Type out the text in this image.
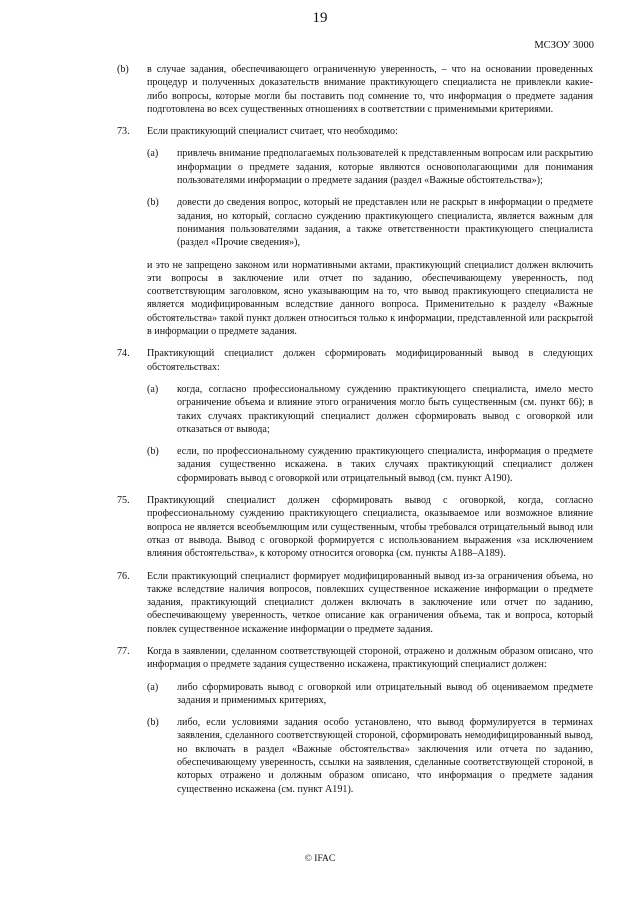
19
МСЗОУ 3000
(b) в случае задания, обеспечивающего ограниченную уверенность, – что на основании проведенных процедур и полученных доказательств внимание практикующего специалиста не привлекли какие-либо вопросы, которые могли бы поставить под сомнение то, что информация о предмете задания подготовлена во всех существенных отношениях в соответствии с применимыми критериями.
73. Если практикующий специалист считает, что необходимо:
(a) привлечь внимание предполагаемых пользователей к представленным вопросам или раскрытию информации о предмете задания, которые являются основополагающими для понимания пользователями информации о предмете задания (раздел «Важные обстоятельства»);
(b) довести до сведения вопрос, который не представлен или не раскрыт в информации о предмете задания, но который, согласно суждению практикующего специалиста, является важным для понимания пользователями задания, а также ответственности практикующего специалиста (раздел «Прочие сведения»),
и это не запрещено законом или нормативными актами, практикующий специалист должен включить эти вопросы в заключение или отчет по заданию, обеспечивающему уверенность, под соответствующим заголовком, ясно указывающим на то, что вывод практикующего специалиста не является модифицированным вследствие данного вопроса. Применительно к разделу «Важные обстоятельства» такой пункт должен относиться только к информации, представленной или раскрытой в информации о предмете задания.
74. Практикующий специалист должен сформировать модифицированный вывод в следующих обстоятельствах:
(a) когда, согласно профессиональному суждению практикующего специалиста, имело место ограничение объема и влияние этого ограничения могло быть существенным (см. пункт 66); в таких случаях практикующий специалист должен сформировать вывод с оговоркой или отказаться от вывода;
(b) если, по профессиональному суждению практикующего специалиста, информация о предмете задания существенно искажена. в таких случаях практикующий специалист должен сформировать вывод с оговоркой или отрицательный вывод (см. пункт A190).
75. Практикующий специалист должен сформировать вывод с оговоркой, когда, согласно профессиональному суждению практикующего специалиста, оказываемое или возможное влияние вопроса не является всеобъемлющим или существенным, чтобы требовался отрицательный вывод или отказ от вывода. Вывод с оговоркой формируется с использованием выражения «за исключением влияния обстоятельства», к которому относится оговорка (см. пункты A188–A189).
76. Если практикующий специалист формирует модифицированный вывод из-за ограничения объема, но также вследствие наличия вопросов, повлекших существенное искажение информации о предмете задания, практикующий специалист должен включать в заключение или отчет по заданию, обеспечивающему уверенность, четкое описание как ограничения объема, так и вопроса, который повлек существенное искажение информации о предмете задания.
77. Когда в заявлении, сделанном соответствующей стороной, отражено и должным образом описано, что информация о предмете задания существенно искажена, практикующий специалист должен:
(a) либо сформировать вывод с оговоркой или отрицательный вывод об оцениваемом предмете задания и применимых критериях,
(b) либо, если условиями задания особо установлено, что вывод формулируется в терминах заявления, сделанного соответствующей стороной, сформировать немодифицированный вывод, но включать в раздел «Важные обстоятельства» заключения или отчета по заданию, обеспечивающему уверенность, ссылки на заявления, сделанные соответствующей стороной, в которых отражено и должным образом описано, что информация о предмете задания существенно искажена (см. пункт A191).
© IFAC
